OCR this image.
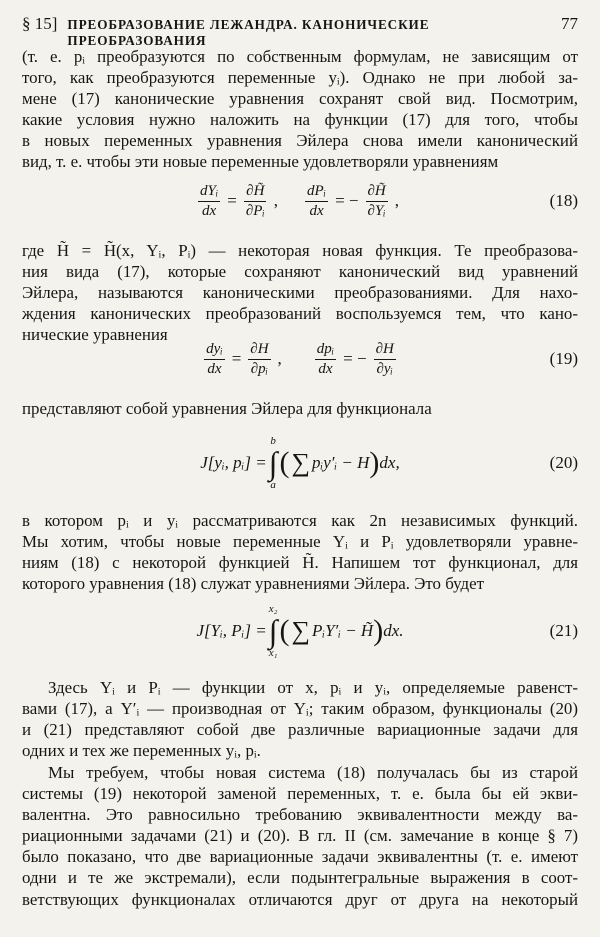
§ 15] ПРЕОБРАЗОВАНИЕ ЛЕЖАНДРА. КАНОНИЧЕСКИЕ ПРЕОБРАЗОВАНИЯ
77
(т. е. pᵢ преобразуются по собственным формулам, не зависящим от
того, как преобразуются переменные yᵢ). Однако не при любой за-
мене (17) канонические уравнения сохранят свой вид. Посмотрим,
какие условия нужно наложить на функции (17) для того, чтобы
в новых переменных уравнения Эйлера снова имели канонический
вид, т. е. чтобы эти новые переменные удовлетворяли уравнениям
$\frac{\text{dYᵢ}}{dx} = \frac{\partial H̃}{\text{∂Pᵢ}}$ , $\frac{\text{dPᵢ}}{dx}$ = − $\frac{\partial H̃}{\text{∂Yᵢ}}$ ,	(18)
где H̃ = H̃(x, Yᵢ, Pᵢ) — некоторая новая функция. Те преобразова-
ния вида (17), которые сохраняют канонический вид уравнений
Эйлера, называются каноническими преобразованиями. Для нахо-
ждения канонических преобразований воспользуемся тем, что кано-
нические уравнения
$\frac{\text{dyᵢ}}{dx} = \frac{\partial H}{\text{∂pᵢ}}$ , $\frac{\text{dpᵢ}}{dx}$ = − $\frac{\partial H}{\text{∂yᵢ}}$	(19)
представляют собой уравнения Эйлера для функционала
J[yᵢ, pᵢ] =
b
∫
a
( ∑ pᵢy′ᵢ − H ) dx,	(20)
в котором pᵢ и yᵢ рассматриваются как 2n независимых функций.
Мы хотим, чтобы новые переменные Yᵢ и Pᵢ удовлетворяли уравне-
ниям (18) с некоторой функцией H̃. Напишем тот функционал, для
которого уравнения (18) служат уравнениями Эйлера. Это будет
J[Yᵢ, Pᵢ] =
x₂
∫
x₁
( ∑ PᵢY′ᵢ − H̃ ) dx.	(21)
Здесь Yᵢ и Pᵢ — функции от x, pᵢ и yᵢ, определяемые равенст-
вами (17), а Y′ᵢ — производная от Yᵢ; таким образом, функционалы (20)
и (21) представляют собой две различные вариационные задачи для
одних и тех же переменных yᵢ, pᵢ.
Мы требуем, чтобы новая система (18) получалась бы из старой
системы (19) некоторой заменой переменных, т. е. была бы ей экви-
валентна. Это равносильно требованию эквивалентности между ва-
риационными задачами (21) и (20). В гл. II (см. замечание в конце § 7)
было показано, что две вариационные задачи эквивалентны (т. е. имеют
одни и те же экстремали), если подынтегральные выражения в соот-
ветствующих функционалах отличаются друг от друга на некоторый
